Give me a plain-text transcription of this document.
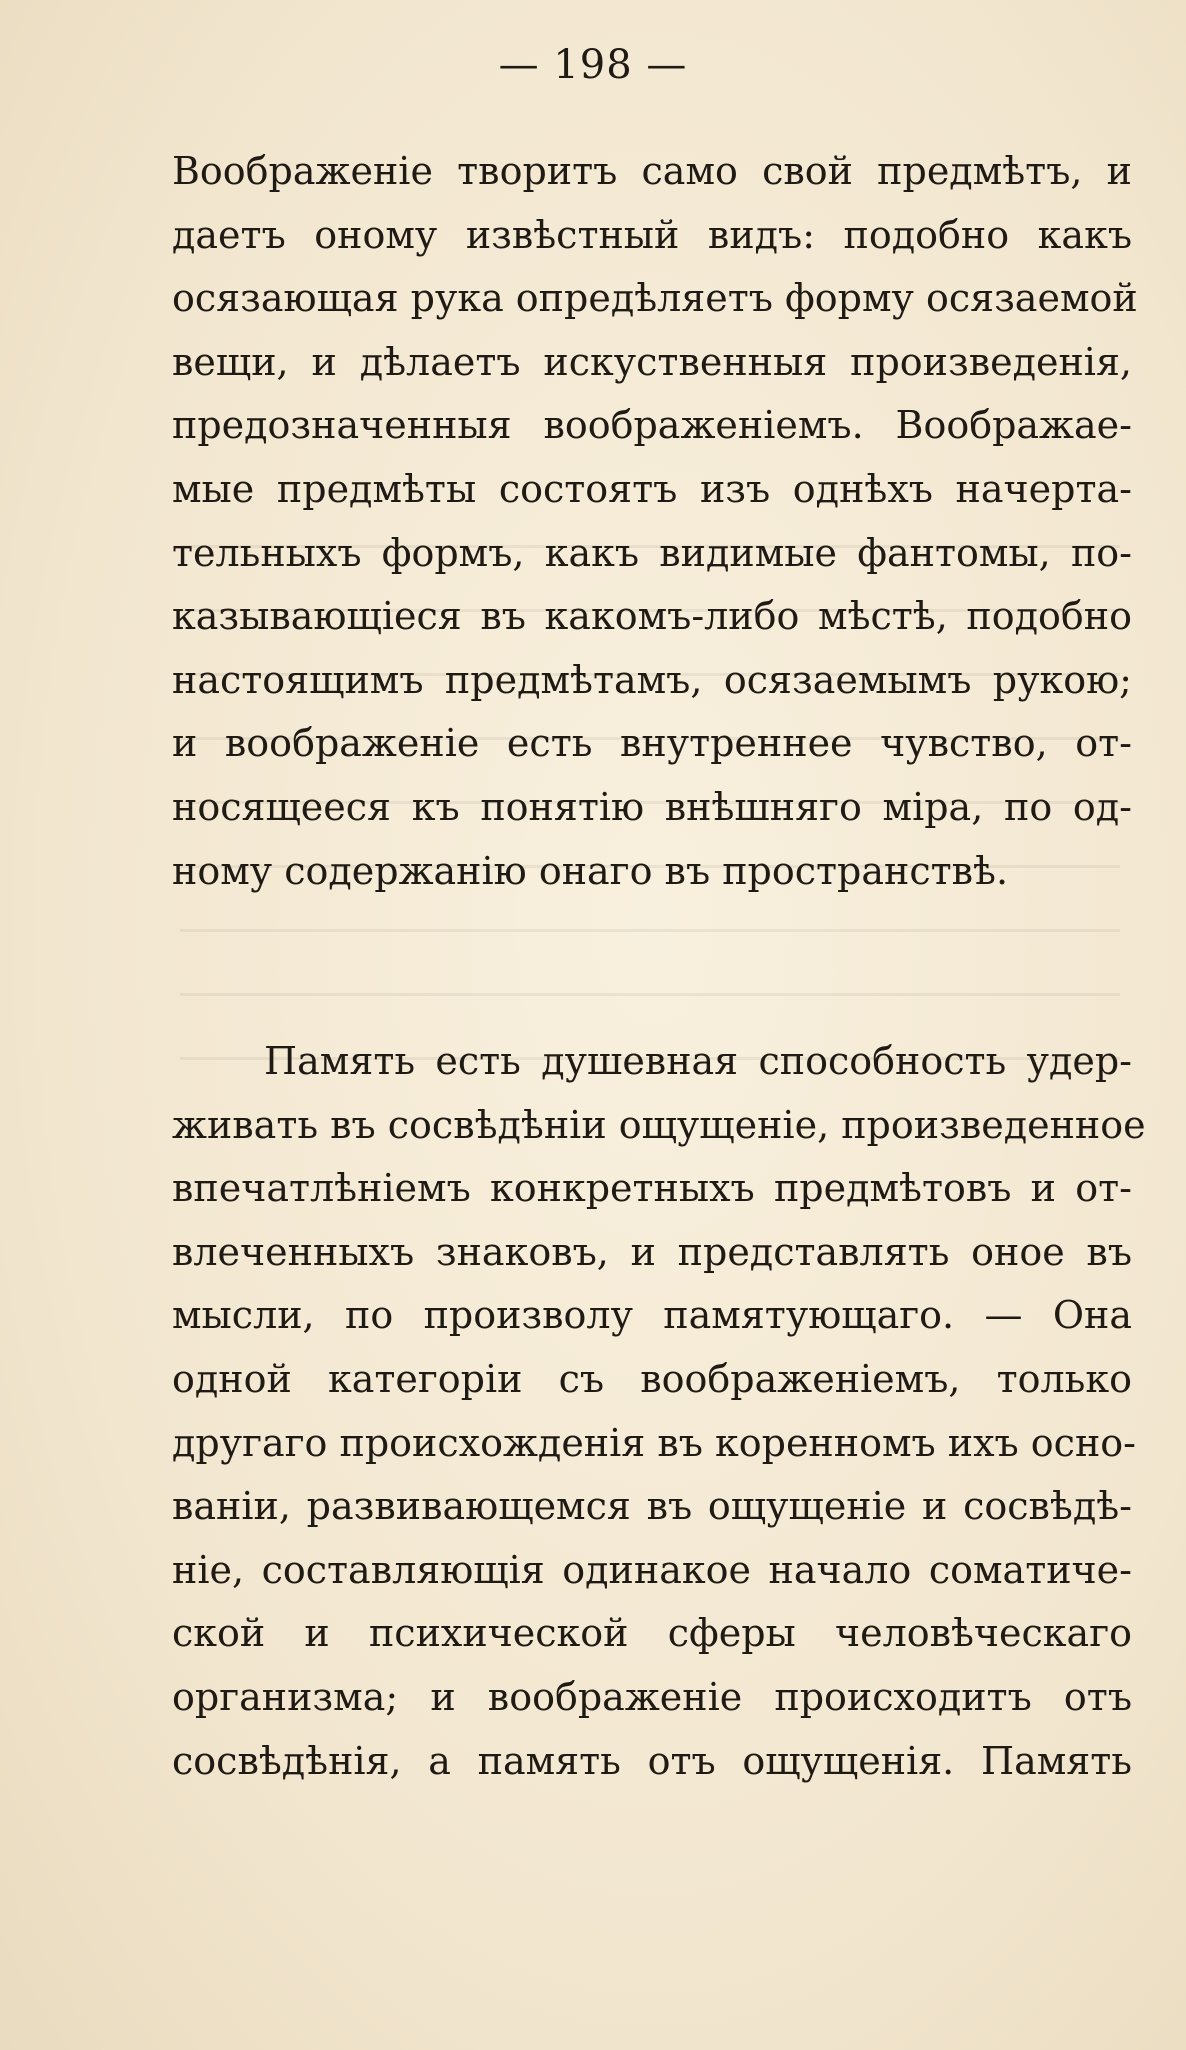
— 198 —
Воображеніе творитъ само свой предмѣтъ, и
даетъ оному извѣстный видъ: подобно какъ
осязающая рука опредѣляетъ форму осязаемой
вещи, и дѣлаетъ искуственныя произведенія,
предозначенныя воображеніемъ. Воображае-
мые предмѣты состоятъ изъ однѣхъ начерта-
тельныхъ формъ, какъ видимые фантомы, по-
казывающіеся въ какомъ-либо мѣстѣ, подобно
настоящимъ предмѣтамъ, осязаемымъ рукою;
и воображеніе есть внутреннее чувство, от-
носящееся къ понятію внѣшняго міра, по од-
ному содержанію онаго въ пространствѣ.
Память есть душевная способность удер-
живать въ сосвѣдѣніи ощущеніе, произведенное
впечатлѣніемъ конкретныхъ предмѣтовъ и от-
влеченныхъ знаковъ, и представлять оное въ
мысли, по произволу памятующаго. — Она
одной категоріи съ воображеніемъ, только
другаго происхожденія въ коренномъ ихъ осно-
ваніи, развивающемся въ ощущеніе и сосвѣдѣ-
ніе, составляющія одинакое начало соматиче-
ской и психической сферы человѣческаго
организма; и воображеніе происходитъ отъ
сосвѣдѣнія, а память отъ ощущенія. Память
